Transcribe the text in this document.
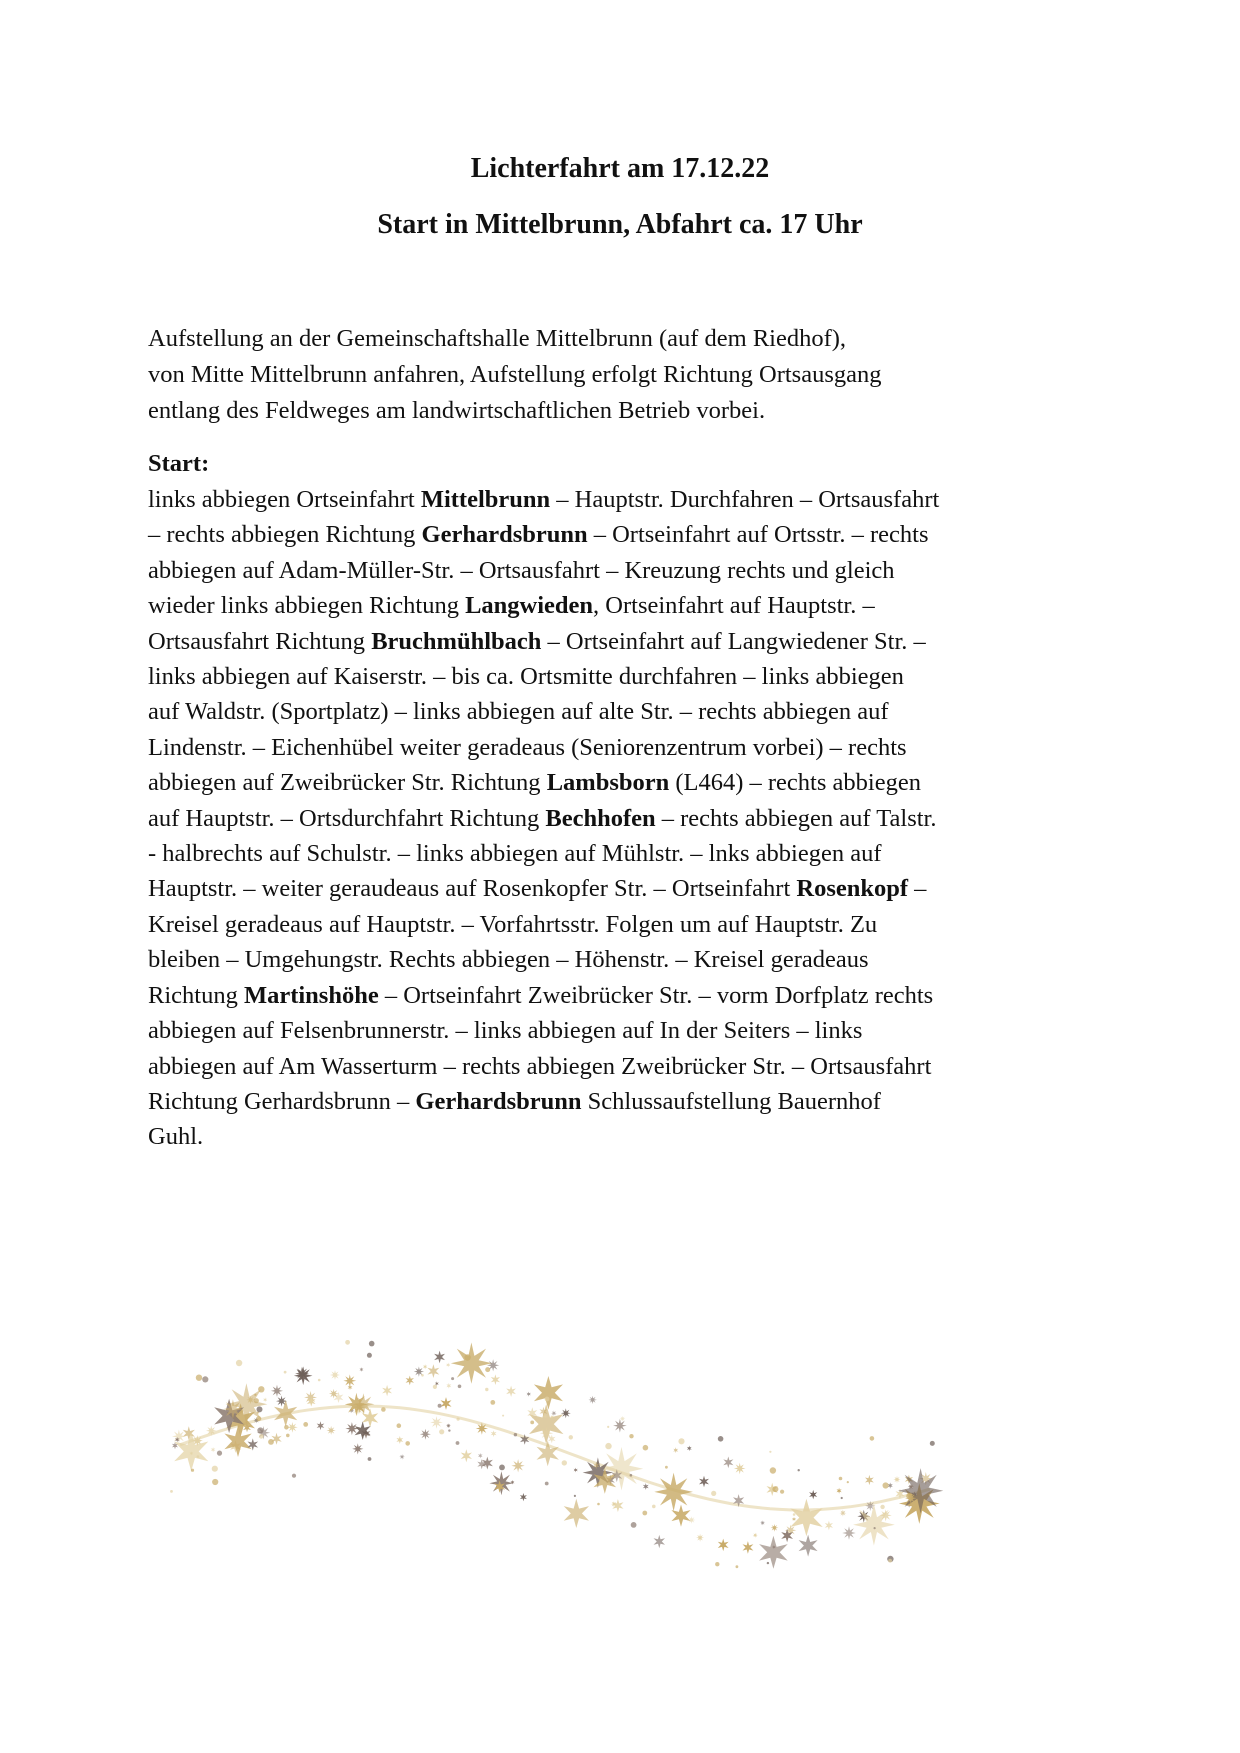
Lichterfahrt am 17.12.22
Start in Mittelbrunn, Abfahrt ca. 17 Uhr

Aufstellung an der Gemeinschaftshalle Mittelbrunn (auf dem Riedhof),
von Mitte Mittelbrunn anfahren, Aufstellung erfolgt Richtung Ortsausgang
entlang des Feldweges am landwirtschaftlichen Betrieb vorbei.

Start:

links abbiegen Ortseinfahrt Mittelbrunn – Hauptstr. Durchfahren – Ortsausfahrt
– rechts abbiegen Richtung Gerhardsbrunn – Ortseinfahrt auf Ortsstr. – rechts
abbiegen auf Adam-Müller-Str. – Ortsausfahrt – Kreuzung rechts und gleich
wieder links abbiegen Richtung Langwieden, Ortseinfahrt auf Hauptstr. –
Ortsausfahrt Richtung Bruchmühlbach – Ortseinfahrt auf Langwiedener Str. –
links abbiegen auf Kaiserstr. – bis ca. Ortsmitte durchfahren – links abbiegen
auf Waldstr. (Sportplatz) – links abbiegen auf alte Str. – rechts abbiegen auf
Lindenstr. – Eichenhübel weiter geradeaus (Seniorenzentrum vorbei) – rechts
abbiegen auf Zweibrücker Str. Richtung Lambsborn (L464) – rechts abbiegen
auf Hauptstr. – Ortsdurchfahrt Richtung Bechhofen – rechts abbiegen auf Talstr.
- halbrechts auf Schulstr. – links abbiegen auf Mühlstr. – lnks abbiegen auf
Hauptstr. – weiter geraudeaus auf Rosenkopfer Str. – Ortseinfahrt Rosenkopf –
Kreisel geradeaus auf Hauptstr. – Vorfahrtsstr. Folgen um auf Hauptstr. Zu
bleiben – Umgehungstr. Rechts abbiegen – Höhenstr. – Kreisel geradeaus
Richtung Martinshöhe – Ortseinfahrt Zweibrücker Str. – vorm Dorfplatz rechts
abbiegen auf Felsenbrunnerstr. – links abbiegen auf In der Seiters – links
abbiegen auf Am Wasserturm – rechts abbiegen Zweibrücker Str. – Ortsausfahrt
Richtung Gerhardsbrunn – Gerhardsbrunn Schlussaufstellung Bauernhof
Guhl.
